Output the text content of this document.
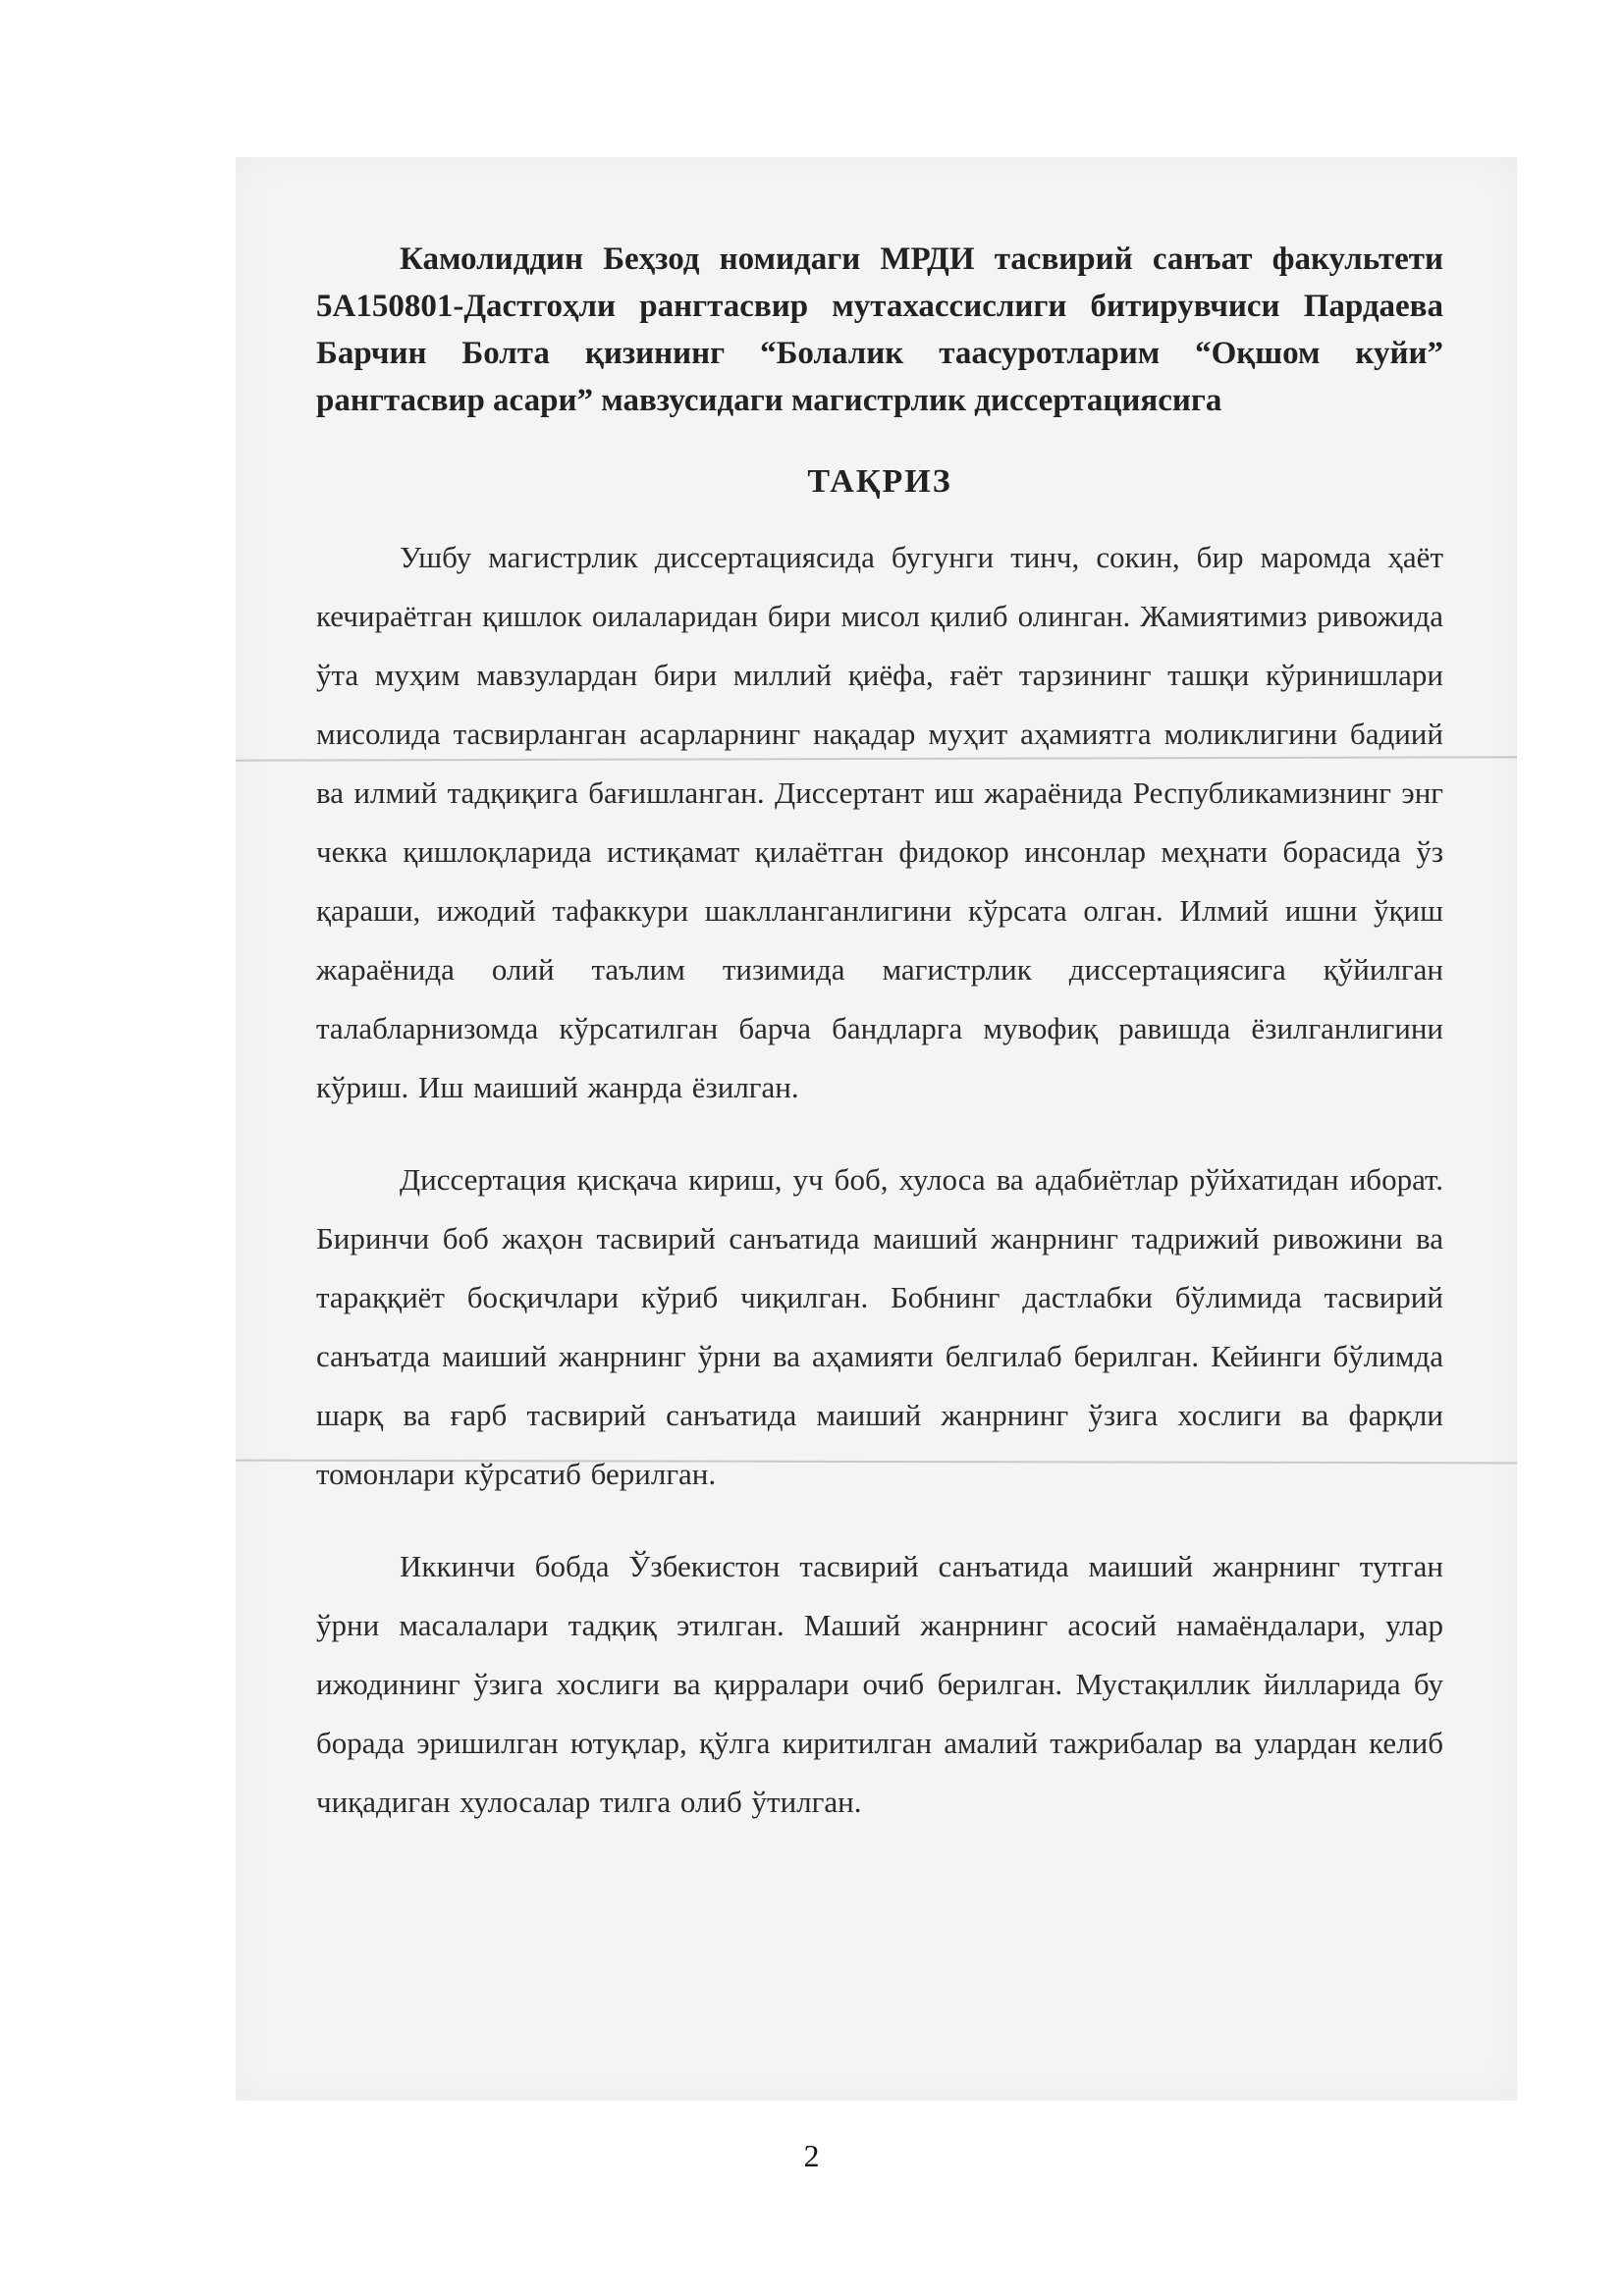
Камолиддин Беҳзод номидаги МРДИ тасвирий санъат факультети 5А150801-Дастгоҳли рангтасвир мутахассислиги битирувчиси Пардаева Барчин Болта қизининг “Болалик таасуротларим “Оқшом куйи” рангтасвир асари” мавзусидаги магистрлик диссертациясига

ТАҚРИЗ

Ушбу магистрлик диссертациясида бугунги тинч, сокин, бир маромда ҳаёт кечираётган қишлок оилаларидан бири мисол қилиб олинган. Жамиятимиз ривожида ўта муҳим мавзулардан бири миллий қиёфа, ғаёт тарзининг ташқи кўринишлари мисолида тасвирланган асарларнинг нақадар муҳит аҳамиятга моликлигини бадиий ва илмий тадқиқига бағишланган. Диссертант иш жараёнида Республикамизнинг энг чекка қишлоқларида истиқамат қилаётган фидокор инсонлар меҳнати борасида ўз қараши, ижодий тафаккури шаклланганлигини кўрсата олган. Илмий ишни ўқиш жараёнида олий таълим тизимида магистрлик диссертациясига қўйилган талабларнизомда кўрсатилган барча бандларга мувофиқ равишда ёзилганлигини кўриш. Иш маиший жанрда ёзилган.

Диссертация қисқача кириш, уч боб, хулоса ва адабиётлар рўйхатидан иборат. Биринчи боб жаҳон тасвирий санъатида маиший жанрнинг тадрижий ривожини ва тараққиёт босқичлари кўриб чиқилган. Бобнинг дастлабки бўлимида тасвирий санъатда маиший жанрнинг ўрни ва аҳамияти белгилаб берилган. Кейинги бўлимда шарқ ва ғарб тасвирий санъатида маиший жанрнинг ўзига хослиги ва фарқли томонлари кўрсатиб берилган.

Иккинчи бобда Ўзбекистон тасвирий санъатида маиший жанрнинг тутган ўрни масалалари тадқиқ этилган. Маший жанрнинг асосий намаёндалари, улар ижодининг ўзига хослиги ва қирралари очиб берилган. Мустақиллик йилларида бу борада эришилган ютуқлар, қўлга киритилган амалий тажрибалар ва улардан келиб чиқадиган хулосалар тилга олиб ўтилган.

2
